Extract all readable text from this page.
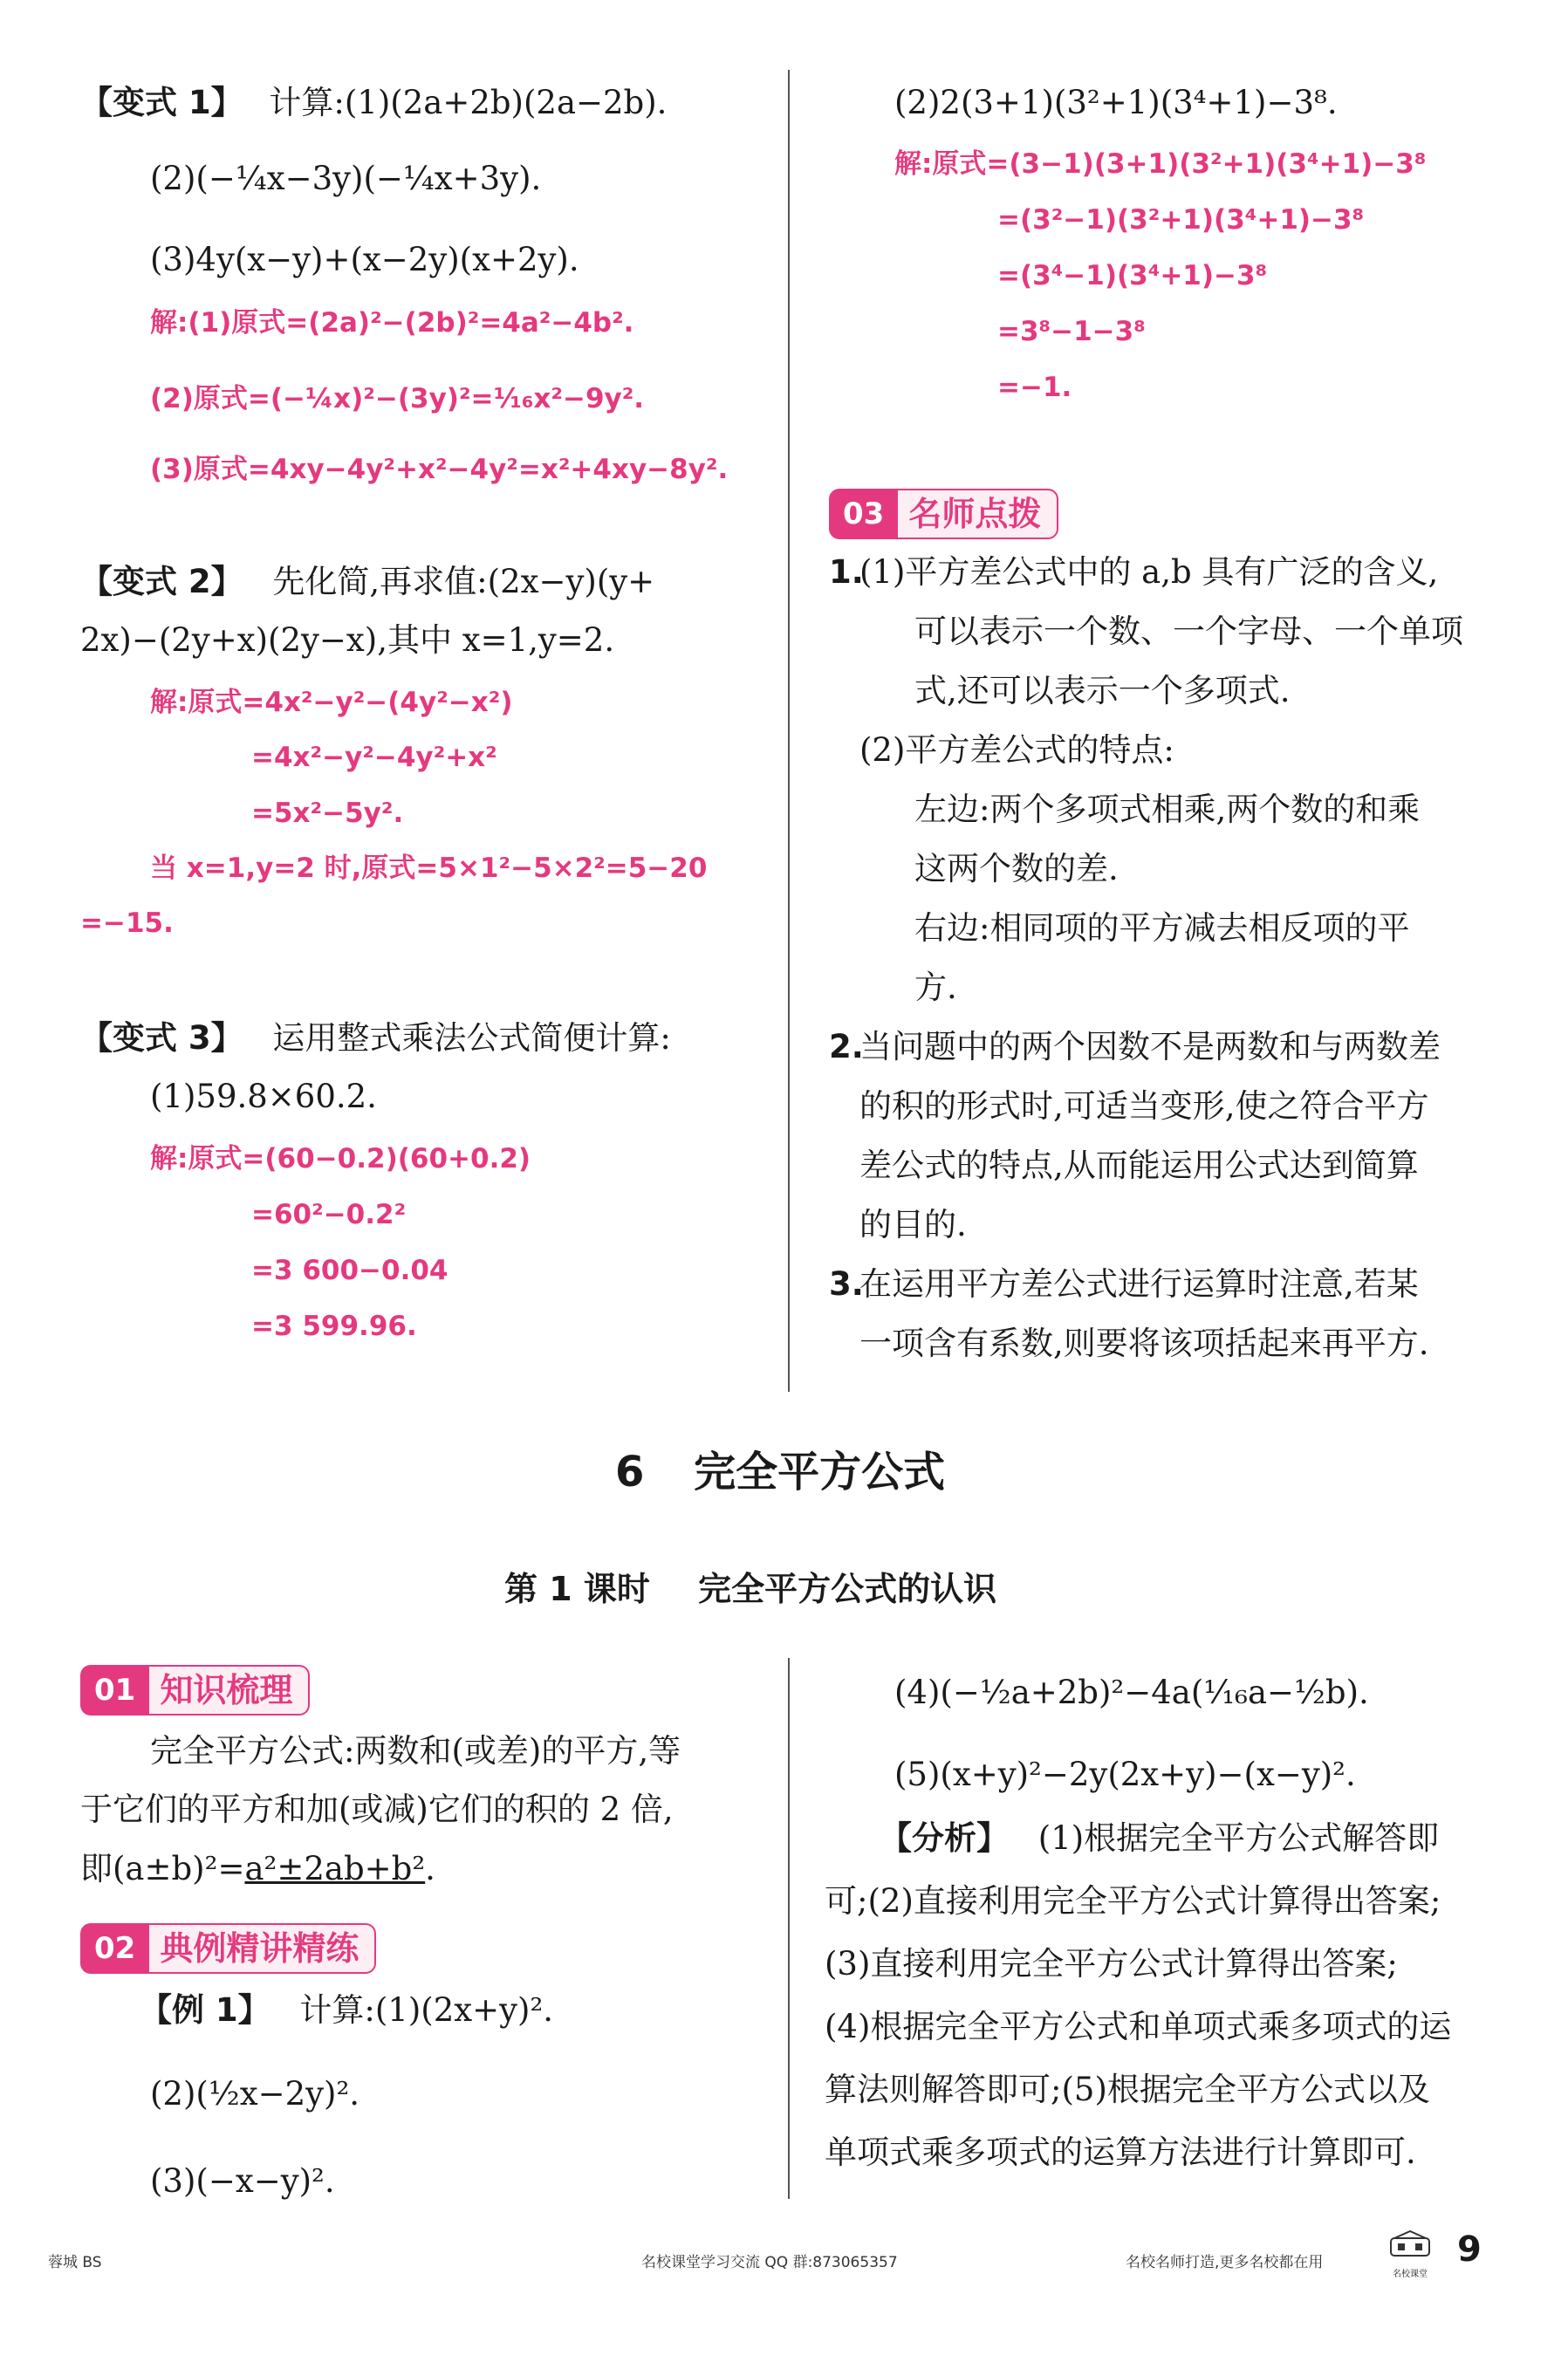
【变式 1】 计算:(1)(2a+2b)(2a−2b).
(2)(−¼x−3y)(−¼x+3y).
(3)4y(x−y)+(x−2y)(x+2y).
解:(1)原式=(2a)²−(2b)²=4a²−4b².
(2)原式=(−¼x)²−(3y)²=¹⁄₁₆x²−9y².
(3)原式=4xy−4y²+x²−4y²=x²+4xy−8y².
【变式 2】 先化简,再求值:(2x−y)(y+
2x)−(2y+x)(2y−x),其中 x=1,y=2.
解:原式=4x²−y²−(4y²−x²)
=4x²−y²−4y²+x²
=5x²−5y².
当 x=1,y=2 时,原式=5×1²−5×2²=5−20
=−15.
【变式 3】 运用整式乘法公式简便计算:
(1)59.8×60.2.
解:原式=(60−0.2)(60+0.2)
=60²−0.2²
=3 600−0.04
=3 599.96.
(2)2(3+1)(3²+1)(3⁴+1)−3⁸.
解:原式=(3−1)(3+1)(3²+1)(3⁴+1)−3⁸
=(3²−1)(3²+1)(3⁴+1)−3⁸
=(3⁴−1)(3⁴+1)−3⁸
=3⁸−1−3⁸
=−1.
03 名师点拨
1.
(1)平方差公式中的 a,b 具有广泛的含义,
可以表示一个数、一个字母、一个单项
式,还可以表示一个多项式.
(2)平方差公式的特点:
左边:两个多项式相乘,两个数的和乘
这两个数的差.
右边:相同项的平方减去相反项的平
方.
2.
当问题中的两个因数不是两数和与两数差
的积的形式时,可适当变形,使之符合平方
差公式的特点,从而能运用公式达到简算
的目的.
3.
在运用平方差公式进行运算时注意,若某
一项含有系数,则要将该项括起来再平方.
6 完全平方公式
第 1 课时 完全平方公式的认识
01 知识梳理
完全平方公式:两数和(或差)的平方,等
于它们的平方和加(或减)它们的积的 2 倍,
即(a±b)²=a²±2ab+b².
02 典例精讲精练
【例 1】 计算:(1)(2x+y)².
(2)(½x−2y)².
(3)(−x−y)².
(4)(−½a+2b)²−4a(¹⁄₁₆a−½b).
(5)(x+y)²−2y(2x+y)−(x−y)².
【分析】 (1)根据完全平方公式解答即
可;(2)直接利用完全平方公式计算得出答案;
(3)直接利用完全平方公式计算得出答案;
(4)根据完全平方公式和单项式乘多项式的运
算法则解答即可;(5)根据完全平方公式以及
单项式乘多项式的运算方法进行计算即可.
蓉城 BS	名校课堂学习交流 QQ 群:873065357	名校名师打造,更多名校都在用
名校课堂
9
